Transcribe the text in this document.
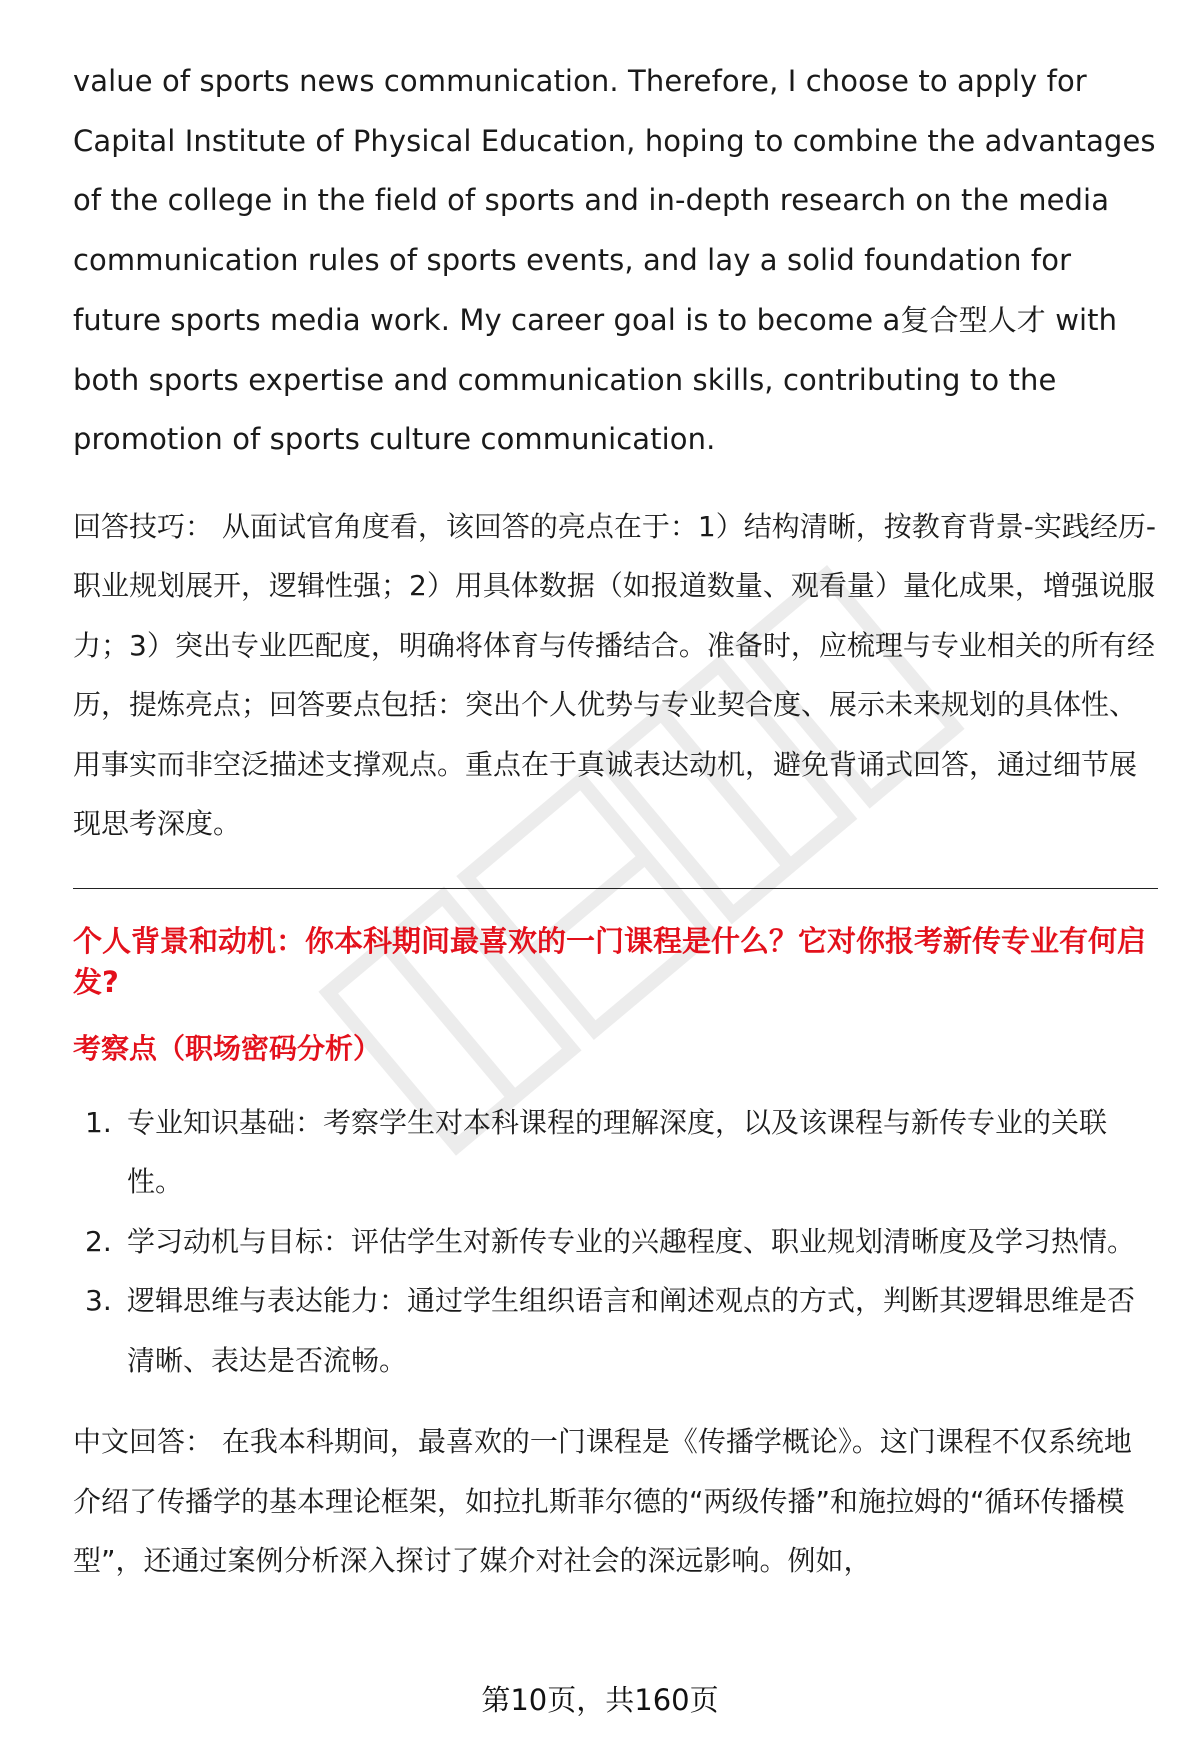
value of sports news communication. Therefore, I choose to apply for Capital Institute of Physical Education, hoping to combine the advantages of the college in the field of sports and in-depth research on the media communication rules of sports events, and lay a solid foundation for future sports media work. My career goal is to become a复合型人才 with both sports expertise and communication skills, contributing to the promotion of sports culture communication.

回答技巧： 从面试官角度看，该回答的亮点在于：1）结构清晰，按教育背景-实践经历-职业规划展开，逻辑性强；2）用具体数据（如报道数量、观看量）量化成果，增强说服力；3）突出专业匹配度，明确将体育与传播结合。准备时，应梳理与专业相关的所有经历，提炼亮点；回答要点包括：突出个人优势与专业契合度、展示未来规划的具体性、用事实而非空泛描述支撑观点。重点在于真诚表达动机，避免背诵式回答，通过细节展现思考深度。

个人背景和动机：你本科期间最喜欢的一门课程是什么？它对你报考新传专业有何启发?

考察点（职场密码分析）

1. 专业知识基础：考察学生对本科课程的理解深度，以及该课程与新传专业的关联性。
2. 学习动机与目标：评估学生对新传专业的兴趣程度、职业规划清晰度及学习热情。
3. 逻辑思维与表达能力：通过学生组织语言和阐述观点的方式，判断其逻辑思维是否清晰、表达是否流畅。

中文回答： 在我本科期间，最喜欢的一门课程是《传播学概论》。这门课程不仅系统地介绍了传播学的基本理论框架，如拉扎斯菲尔德的“两级传播”和施拉姆的“循环传播模型”，还通过案例分析深入探讨了媒介对社会的深远影响。例如，

第10页，共160页
